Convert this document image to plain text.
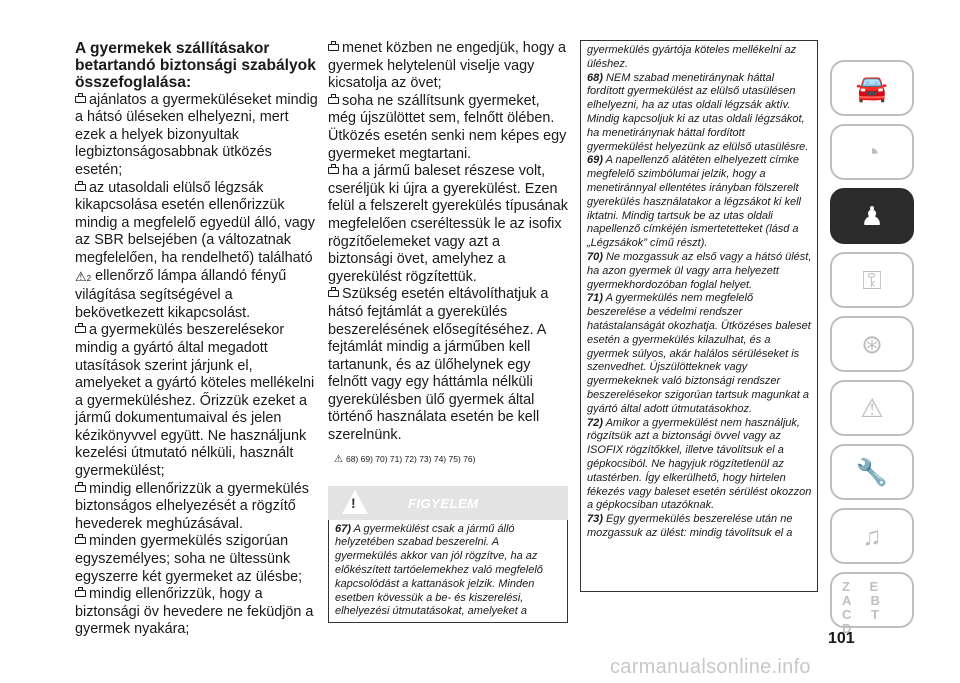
A gyermekek szállításakor betartandó biztonsági szabályok összefoglalása:
ajánlatos a gyermeküléseket mindig a hátsó üléseken elhelyezni, mert ezek a helyek bizonyultak legbiztonságosabbnak ütközés esetén;
az utasoldali elülső légzsák kikapcsolása esetén ellenőrizzük mindig a megfelelő egyedül álló, vagy az SBR belsejében (a változatnak megfelelően, ha rendelhető) található
⚠2 ellenőrző lámpa állandó fényű világítása segítségével a bekövetkezett kikapcsolást.
a gyermekülés beszerelésekor mindig a gyártó által megadott utasítások szerint járjunk el, amelyeket a gyártó köteles mellékelni a gyermeküléshez. Őrizzük ezeket a jármű dokumentumaival és jelen kézikönyvvel együtt. Ne használjunk kezelési útmutató nélküli, használt gyermekülést;
mindig ellenőrizzük a gyermekülés biztonságos elhelyezését a rögzítő hevederek meghúzásával.
minden gyermekülés szigorúan egyszemélyes; soha ne ültessünk egyszerre két gyermeket az ülésbe;
mindig ellenőrizzük, hogy a biztonsági öv hevedere ne feküdjön a gyermek nyakára;
menet közben ne engedjük, hogy a gyermek helytelenül viselje vagy kicsatolja az övet;
soha ne szállítsunk gyermeket, még újszülöttet sem, felnőtt ölében. Ütközés esetén senki nem képes egy gyermeket megtartani.
ha a jármű baleset részese volt, cseréljük ki újra a gyerekülést. Ezen felül a felszerelt gyerekülés típusának megfelelően cseréltessük le az isofix rögzítőelemeket vagy azt a biztonsági övet, amelyhez a gyerekülést rögzítettük.
Szükség esetén eltávolíthatjuk a hátsó fejtámlát a gyerekülés beszerelésének elősegítéséhez. A fejtámlát mindig a járműben kell tartanunk, és az ülőhelynek egy felnőtt vagy egy háttámla nélküli gyerekülésben ülő gyermek által történő használata esetén be kell szerelnünk.
⚠ 68) 69) 70) 71) 72) 73) 74) 75) 76)
!	FIGYELEM
67) A gyermekülést csak a jármű álló helyzetében szabad beszerelni. A gyermekülés akkor van jól rögzítve, ha az előkészített tartóelemekhez való megfelelő kapcsolódást a kattanások jelzik. Minden esetben kövessük a be- és kiszerelési, elhelyezési útmutatásokat, amelyeket a
gyermekülés gyártója köteles mellékelni az üléshez.
68) NEM szabad menetiránynak háttal fordított gyermekülést az elülső utasülésen elhelyezni, ha az utas oldali légzsák aktív. Mindig kapcsoljuk ki az utas oldali légzsákot, ha menetiránynak háttal fordított gyermekülést helyezünk az elülső utasülésre.
69) A napellenző alátéten elhelyezett címke megfelelő szimbólumai jelzik, hogy a menetiránnyal ellentétes irányban fölszerelt gyerekülés használatakor a légzsákot ki kell iktatni. Mindig tartsuk be az utas oldali napellenző címkéjén ismertetetteket (lásd a „Légzsákok” című részt).
70) Ne mozgassuk az első vagy a hátsó ülést, ha azon gyermek ül vagy arra helyezett gyermekhordozóban foglal helyet.
71) A gyermekülés nem megfelelő beszerelése a védelmi rendszer hatástalanságát okozhatja. Ütközéses baleset esetén a gyermekülés kilazulhat, és a gyermek súlyos, akár halálos sérüléseket is szenvedhet. Újszülötteknek vagy gyermekeknek való biztonsági rendszer beszerelésekor szigorúan tartsuk magunkat a gyártó által adott útmutatásokhoz.
72) Amikor a gyermekülést nem használjuk, rögzítsük azt a biztonsági övvel vagy az ISOFIX rögzítőkkel, illetve távolítsuk el a gépkocsiból. Ne hagyjuk rögzítetlenül az utastérben. Így elkerülhető, hogy hirtelen fékezés vagy baleset esetén sérülést okozzon a gépkocsiban utazóknak.
73) Egy gyermekülés beszerelése után ne mozgassuk az ülést: mindig távolítsuk el a
🚘
◔
♟
⚿
⊛
⚠
🔧
♫
Z E A B C T D
101
carmanualsonline.info
